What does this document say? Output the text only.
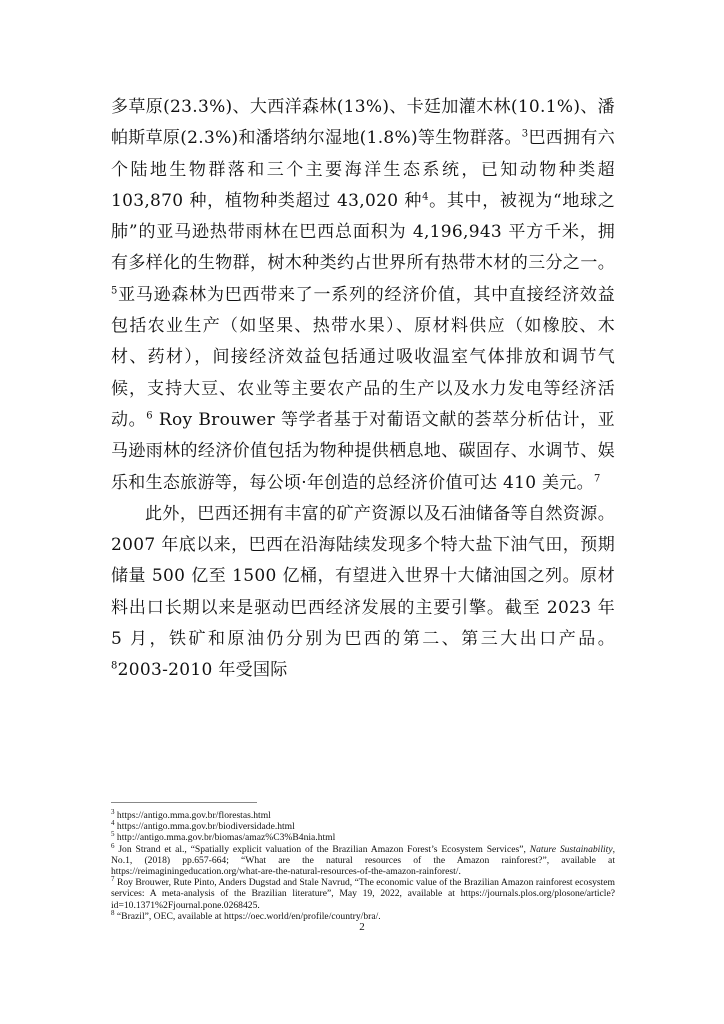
多草原(23.3%)、大西洋森林(13%)、卡廷加灌木林(10.1%)、潘帕斯草原(2.3%)和潘塔纳尔湿地(1.8%)等生物群落。$^3$巴西拥有六个陆地生物群落和三个主要海洋生态系统，已知动物种类超 103,870 种，植物种类超过 43,020 种$^4$。其中，被视为“地球之肺”的亚马逊热带雨林在巴西总面积为 4,196,943 平方千米，拥有多样化的生物群，树木种类约占世界所有热带木材的三分之一。$^5$亚马逊森林为巴西带来了一系列的经济价值，其中直接经济效益包括农业生产（如坚果、热带水果）、原材料供应（如橡胶、木材、药材），间接经济效益包括通过吸收温室气体排放和调节气候，支持大豆、农业等主要农产品的生产以及水力发电等经济活动。$^6$ Roy Brouwer 等学者基于对葡语文献的荟萃分析估计，亚马逊雨林的经济价值包括为物种提供栖息地、碳固存、水调节、娱乐和生态旅游等，每公顷·年创造的总经济价值可达 410 美元。$^7$

此外，巴西还拥有丰富的矿产资源以及石油储备等自然资源。2007 年底以来，巴西在沿海陆续发现多个特大盐下油气田，预期储量 500 亿至 1500 亿桶，有望进入世界十大储油国之列。原材料出口长期以来是驱动巴西经济发展的主要引擎。截至 2023 年 5 月，铁矿和原油仍分别为巴西的第二、第三大出口产品。$^8$2003-2010 年受国际

$^3$ https://antigo.mma.gov.br/florestas.html

$^4$ https://antigo.mma.gov.br/biodiversidade.html

$^5$ http://antigo.mma.gov.br/biomas/amaz%C3%B4nia.html

$^6$ Jon Strand et al., “Spatially explicit valuation of the Brazilian Amazon Forest’s Ecosystem Services”, Nature Sustainability, No.1, (2018) pp.657-664; “What are the natural resources of the Amazon rainforest?”, available at https://reimaginingeducation.org/what-are-the-natural-resources-of-the-amazon-rainforest/.

$^7$ Roy Brouwer, Rute Pinto, Anders Dugstad and Stale Navrud, “The economic value of the Brazilian Amazon rainforest ecosystem services: A meta-analysis of the Brazilian literature”, May 19, 2022, available at https://journals.plos.org/plosone/article?id=10.1371%2Fjournal.pone.0268425.

$^8$ “Brazil”, OEC, available at https://oec.world/en/profile/country/bra/.

2
